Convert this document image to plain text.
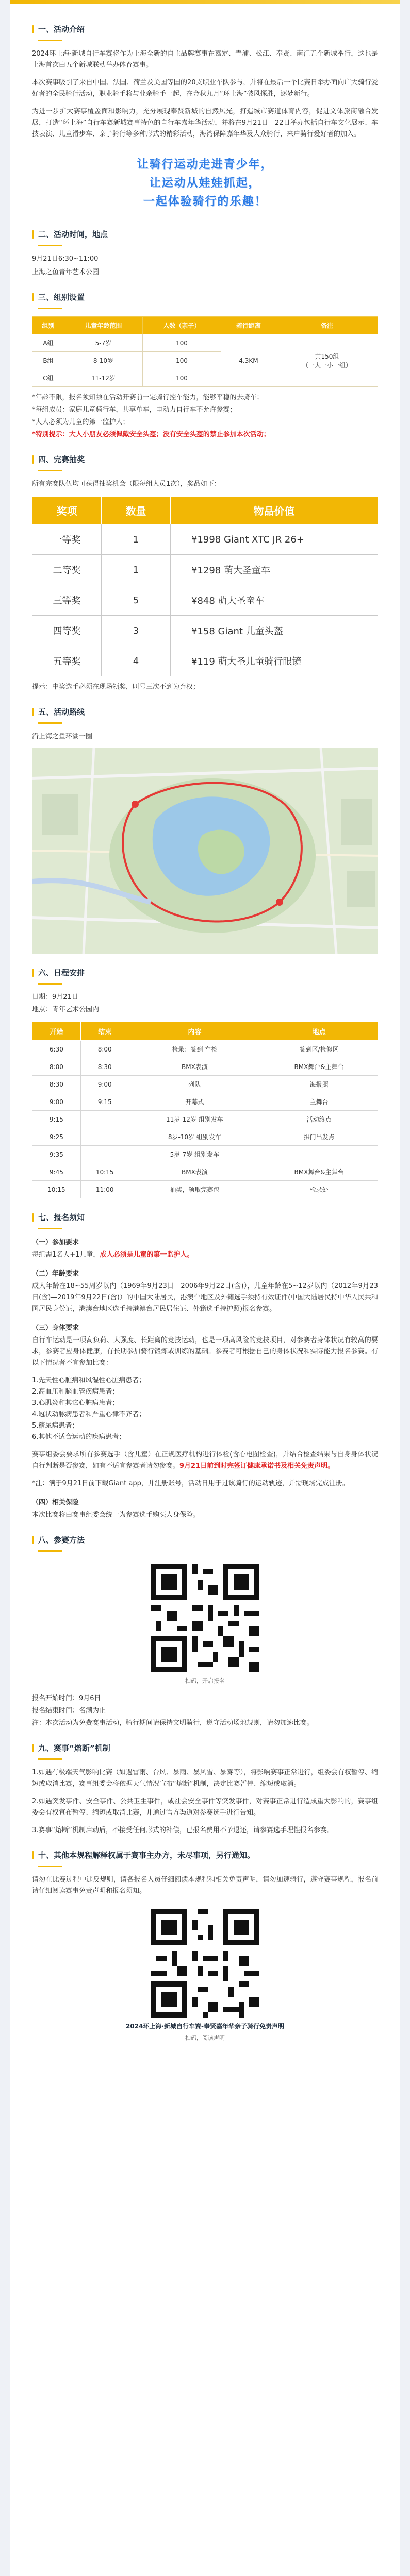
一、活动介绍

2024环上海·新城自行车赛将作为上海全新的自主品牌赛事在嘉定、青浦、松江、奉贤、南汇五个新城举行，这也是上海首次由五个新城联动举办体育赛事。

本次赛事吸引了来自中国、法国、荷兰及美国等国的20支职业车队参与，并将在最后一个比赛日举办面向广大骑行爱好者的全民骑行活动，职业骑手将与业余骑手一起，在金秋九月“环上海”破风探胜，逐梦新行。

为进一步扩大赛事覆盖面和影响力，充分展现奉贤新城的自然风光，打造城市赛道体育内容，促进文体旅商融合发展，打造“环上海”自行车赛新城赛事特色的自行车嘉年华活动，并将在9月21日—22日举办包括自行车文化展示、车技表演、儿童滑步车、亲子骑行等多种形式的精彩活动，海湾保障嘉年华及大众骑行，来户骑行爱好者的加入。

让骑行运动走进青少年，
让运动从娃娃抓起，
一起体验骑行的乐趣！
二、活动时间，地点

9月21日6:30~11:00

上海之鱼青年艺术公园

三、组别设置
组别	儿童年龄范围	人数（亲子）	骑行距离	备注
A组	5-7岁	100	4.3KM	共150组
（一大一小一组）

B组	8-10岁	100		
C组	11-12岁	100		

*年龄不限，报名须知须在活动开赛前一定骑行控车能力，能够平稳的去骑车；

*每组成员：家庭儿童骑行车，共享单车，电动力自行车不允许参赛；

*大人必须为儿童的第一监护人；

*特别提示：大人小朋友必须佩戴安全头盔；没有安全头盔的禁止参加本次活动；

四、完赛抽奖

所有完赛队伍均可获得抽奖机会（限每组人员1次），奖品如下：

奖项	数量	物品价值
一等奖	1	¥1998 Giant XTC JR 26+
二等奖	1	¥1298 萌大圣童车
三等奖	5	¥848 萌大圣童车
四等奖	3	¥158 Giant 儿童头盔
五等奖	4	¥119 萌大圣儿童骑行眼镜

提示：中奖选手必须在现场领奖，叫号三次不到为弃权；

五、活动路线

沿上海之鱼环湖一圈

六、日程安排

日期：9月21日

地点：青年艺术公园内

开始	结束	内容	地点
6:30	8:00	检录：签到 车检	签到区/检修区
8:00	8:30	BMX表演	BMX舞台&主舞台
8:30	9:00	列队	海报照
9:00	9:15	开幕式	主舞台
9:15		11岁-12岁 组别发车	活动终点
9:25		8岁-10岁 组别发车	拱门出发点
9:35		5岁-7岁 组别发车	
9:45	10:15	BMX表演	BMX舞台&主舞台
10:15	11:00	抽奖，领取完赛包	检录处
七、报名须知
（一）参加要求

每组需1名人+1儿童，成人必须是儿童的第一监护人。

（二）年龄要求

成人年龄在18~55周岁以内（1969年9月23日—2006年9月22日(含)），儿童年龄在5~12岁以内（2012年9月23日(含)—2019年9月22日(含)）的中国大陆居民，港澳台地区及外籍选手须持有效证件(中国大陆居民持中华人民共和国居民身份证，港澳台地区选手持港澳台居民居住证、外籍选手持护照)报名参赛。

（三）身体要求

自行车运动是一项高负荷、大强度、长距离的竞技运动，也是一项高风险的竞技项目，对参赛者身体状况有较高的要求，参赛者应身体健康，有长期参加骑行锻炼或训练的基础。参赛者可根据自己的身体状况和实际能力报名参赛。有以下情况者不宜参加比赛：

1.先天性心脏病和风湿性心脏病患者；

2.高血压和脑血管疾病患者；

3.心肌炎和其它心脏病患者；

4.冠状动脉病患者和严重心律不齐者；

5.糖尿病患者；

6.其他不适合运动的疾病患者；

赛事组委会要求所有参赛选手（含儿童）在正规医疗机构进行体检(含心电图检查)，并结合检查结果与自身身体状况自行判断是否参赛，如有不适宜参赛者请勿参赛。9月21日前到时完签订健康承诺书及相关免责声明。

*注：满于9月21日前下载Giant app，并注册账号，活动日用于过该骑行的运动轨迹，并需现场完成注册。

（四）相关保险

本次比赛将由赛事组委会统一为参赛选手购买人身保险。

八、参赛方法
扫码，开启报名

报名开始时间：9月6日

报名结束时间：名满为止

注：本次活动为免费赛事活动，骑行期间请保持文明骑行，遵守活动场地规则，请勿加速比赛。

九、赛事“熔断”机制

1.如遇有极端天气影响比赛（如遇雷雨、台风、暴雨、暴风雪、暴雾等），将影响赛事正常进行，组委会有权暂停、缩短或取消比赛，赛事组委会将依据天气情况宣布“熔断”机制，决定比赛暂停、缩短或取消。

2.如遇突发事件、安全事件、公共卫生事件，或社会安全事件等突发事件，对赛事正常进行造成重大影响的，赛事组委会有权宣布暂停、缩短或取消比赛，并通过官方渠道对参赛选手进行告知。

3.赛事“熔断”机制启动后，不接受任何形式的补偿，已报名费用不予退还，请参赛选手理性报名参赛。

十、其他本规程解释权属于赛事主办方，未尽事项，另行通知。

请勿在比赛过程中违反规则，请各报名人员仔细阅读本规程和相关免责声明，请勿加速骑行，遵守赛事规程，报名前请仔细阅读赛事免责声明和报名须知。

2024环上海·新城自行车赛-奉贤嘉年华亲子骑行免责声明
扫码，阅读声明
